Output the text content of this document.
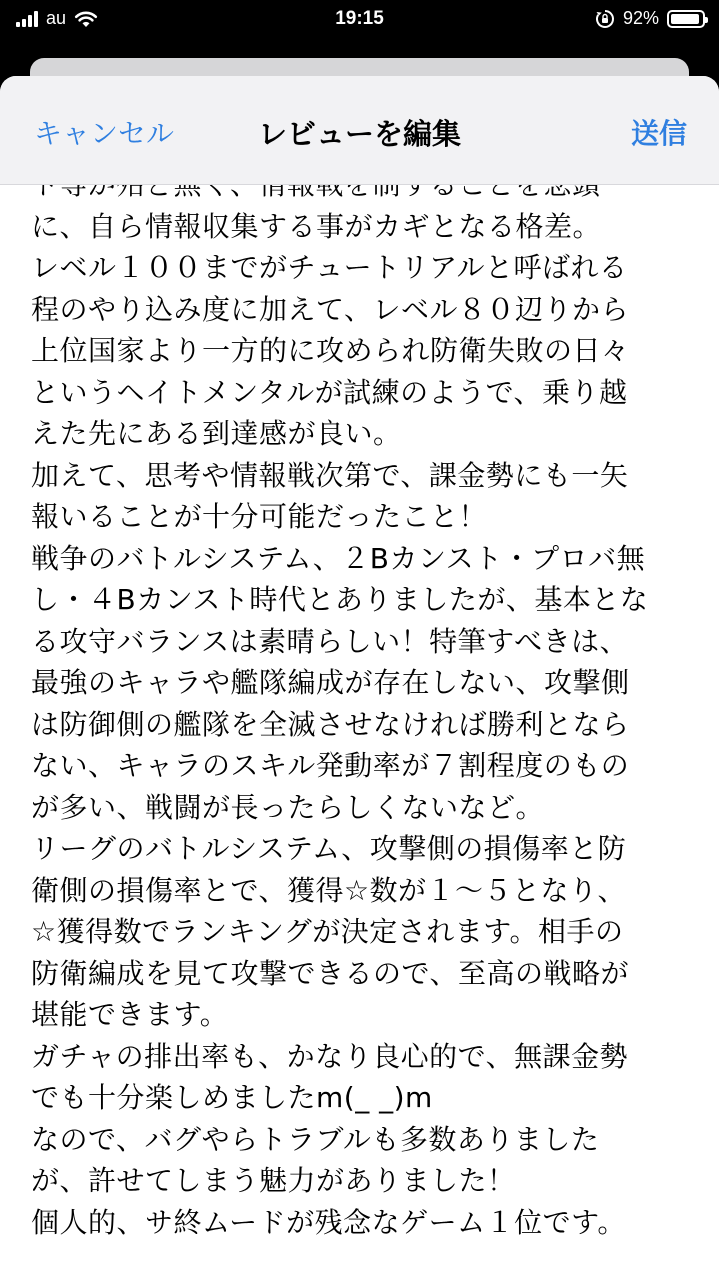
au	19:15	92%
キャンセル	レビューを編集	送信
に、自ら情報収集する事がカギとなる格差。
レベル１００までがチュートリアルと呼ばれる
程のやり込み度に加えて、レベル８０辺りから
上位国家より一方的に攻められ防衛失敗の日々
というヘイトメンタルが試練のようで、乗り越
えた先にある到達感が良い。
加えて、思考や情報戦次第で、課金勢にも一矢
報いることが十分可能だったこと！
戦争のバトルシステム、２Bカンスト・プロバ無
し・４Bカンスト時代とありましたが、基本とな
る攻守バランスは素晴らしい！特筆すべきは、
最強のキャラや艦隊編成が存在しない、攻撃側
は防御側の艦隊を全滅させなければ勝利となら
ない、キャラのスキル発動率が７割程度のもの
が多い、戦闘が長ったらしくないなど。
リーグのバトルシステム、攻撃側の損傷率と防
衛側の損傷率とで、獲得☆数が１～５となり、
☆獲得数でランキングが決定されます。相手の
防衛編成を見て攻撃できるので、至高の戦略が
堪能できます。
ガチャの排出率も、かなり良心的で、無課金勢
でも十分楽しめましたm(_ _)m
なので、バグやらトラブルも多数ありました
が、許せてしまう魅力がありました！
個人的、サ終ムードが残念なゲーム１位です。
